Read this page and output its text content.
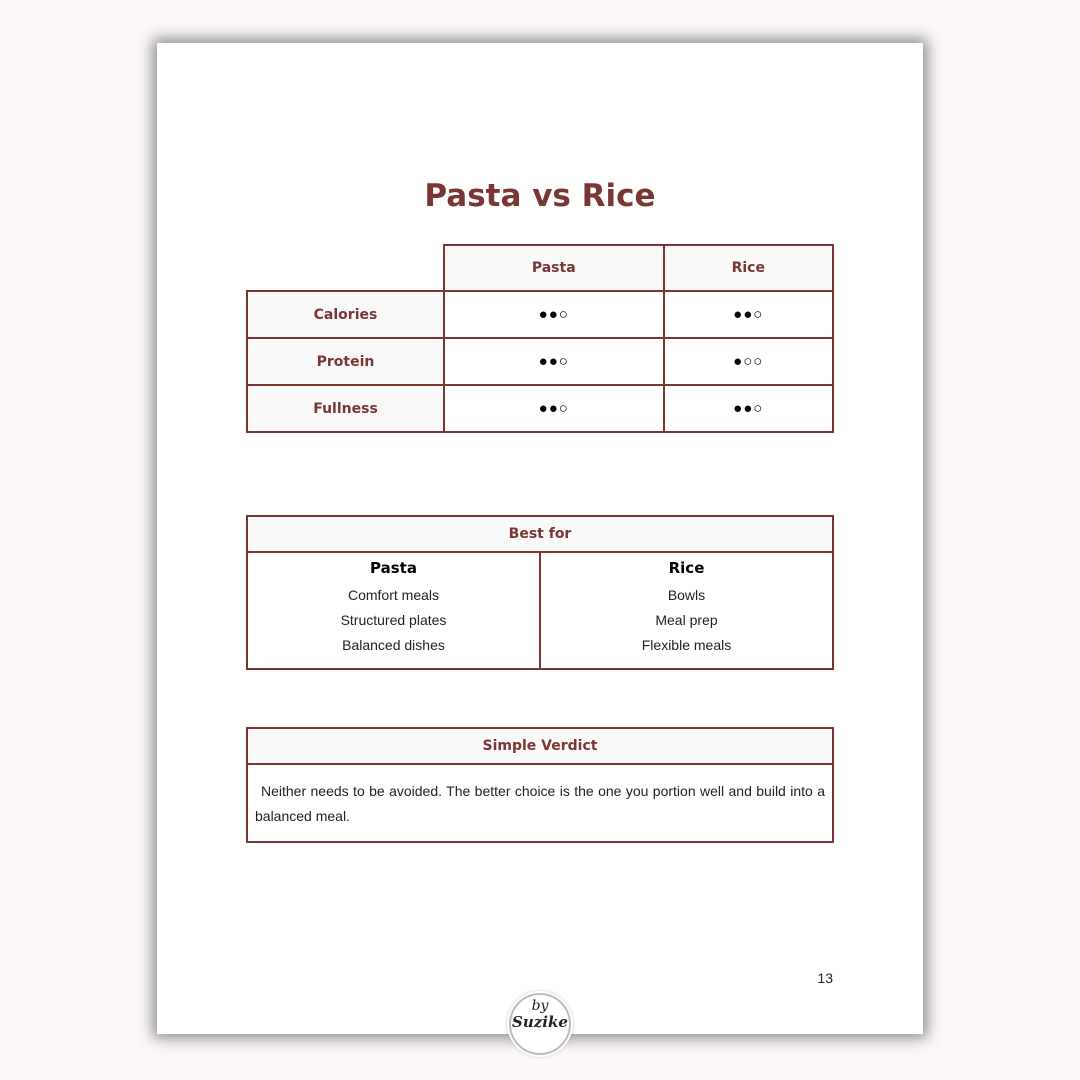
Pasta vs Rice
	Pasta	Rice
Calories	●●○	●●○
Protein	●●○	●○○
Fullness	●●○	●●○
Best for

Pasta
Comfort meals
Structured plates
Balanced dishes

Rice
Bowls
Meal prep
Flexible meals
Simple Verdict
Neither needs to be avoided. The better choice is the one you portion well and build into a balanced meal.
13
by
Suzike
